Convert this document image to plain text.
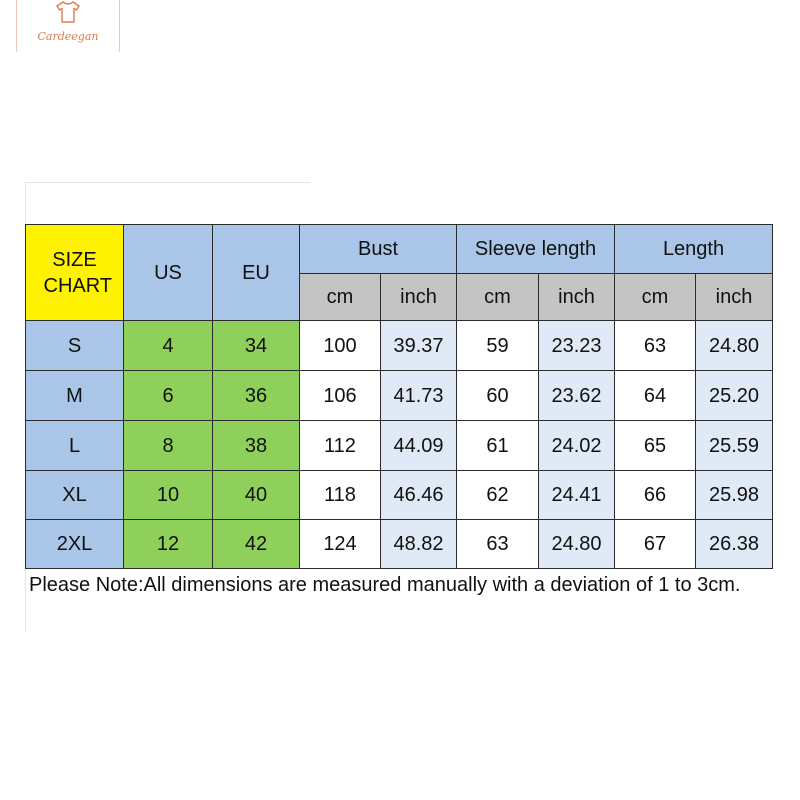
Cardeegan
SIZE CHART	US	EU	Bust		Sleeve length		Length	
			cm	inch	cm	inch	cm	inch
S	4	34	100	39.37	59	23.23	63	24.80
M	6	36	106	41.73	60	23.62	64	25.20
L	8	38	112	44.09	61	24.02	65	25.59
XL	10	40	118	46.46	62	24.41	66	25.98
2XL	12	42	124	48.82	63	24.80	67	26.38
Please Note:All dimensions are measured manually with a deviation of 1 to 3cm.
